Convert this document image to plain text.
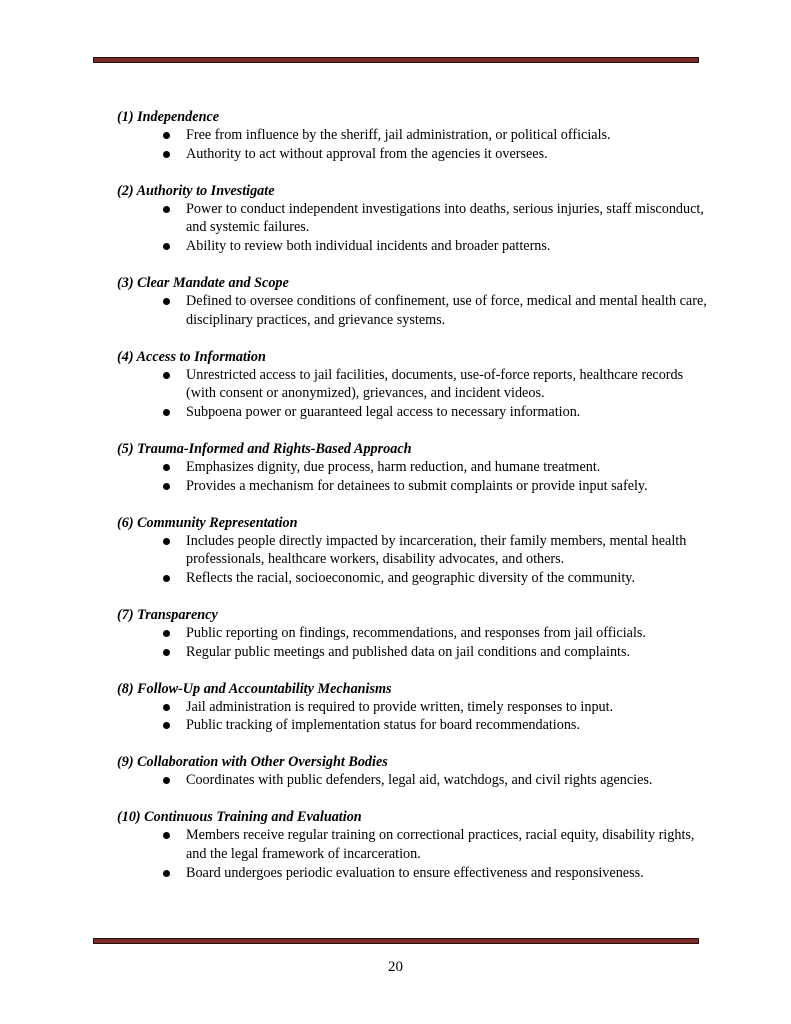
(1) Independence

Free from influence by the sheriff, jail administration, or political officials.
Authority to act without approval from the agencies it oversees.

(2) Authority to Investigate

Power to conduct independent investigations into deaths, serious injuries, staff misconduct, and systemic failures.
Ability to review both individual incidents and broader patterns.

(3) Clear Mandate and Scope

Defined to oversee conditions of confinement, use of force, medical and mental health care, disciplinary practices, and grievance systems.

(4) Access to Information

Unrestricted access to jail facilities, documents, use-of-force reports, healthcare records (with consent or anonymized), grievances, and incident videos.
Subpoena power or guaranteed legal access to necessary information.

(5) Trauma-Informed and Rights-Based Approach

Emphasizes dignity, due process, harm reduction, and humane treatment.
Provides a mechanism for detainees to submit complaints or provide input safely.

(6) Community Representation

Includes people directly impacted by incarceration, their family members, mental health professionals, healthcare workers, disability advocates, and others.
Reflects the racial, socioeconomic, and geographic diversity of the community.

(7) Transparency

Public reporting on findings, recommendations, and responses from jail officials.
Regular public meetings and published data on jail conditions and complaints.

(8) Follow-Up and Accountability Mechanisms

Jail administration is required to provide written, timely responses to input.
Public tracking of implementation status for board recommendations.

(9) Collaboration with Other Oversight Bodies

Coordinates with public defenders, legal aid, watchdogs, and civil rights agencies.

(10) Continuous Training and Evaluation

Members receive regular training on correctional practices, racial equity, disability rights, and the legal framework of incarceration.
Board undergoes periodic evaluation to ensure effectiveness and responsiveness.
20
